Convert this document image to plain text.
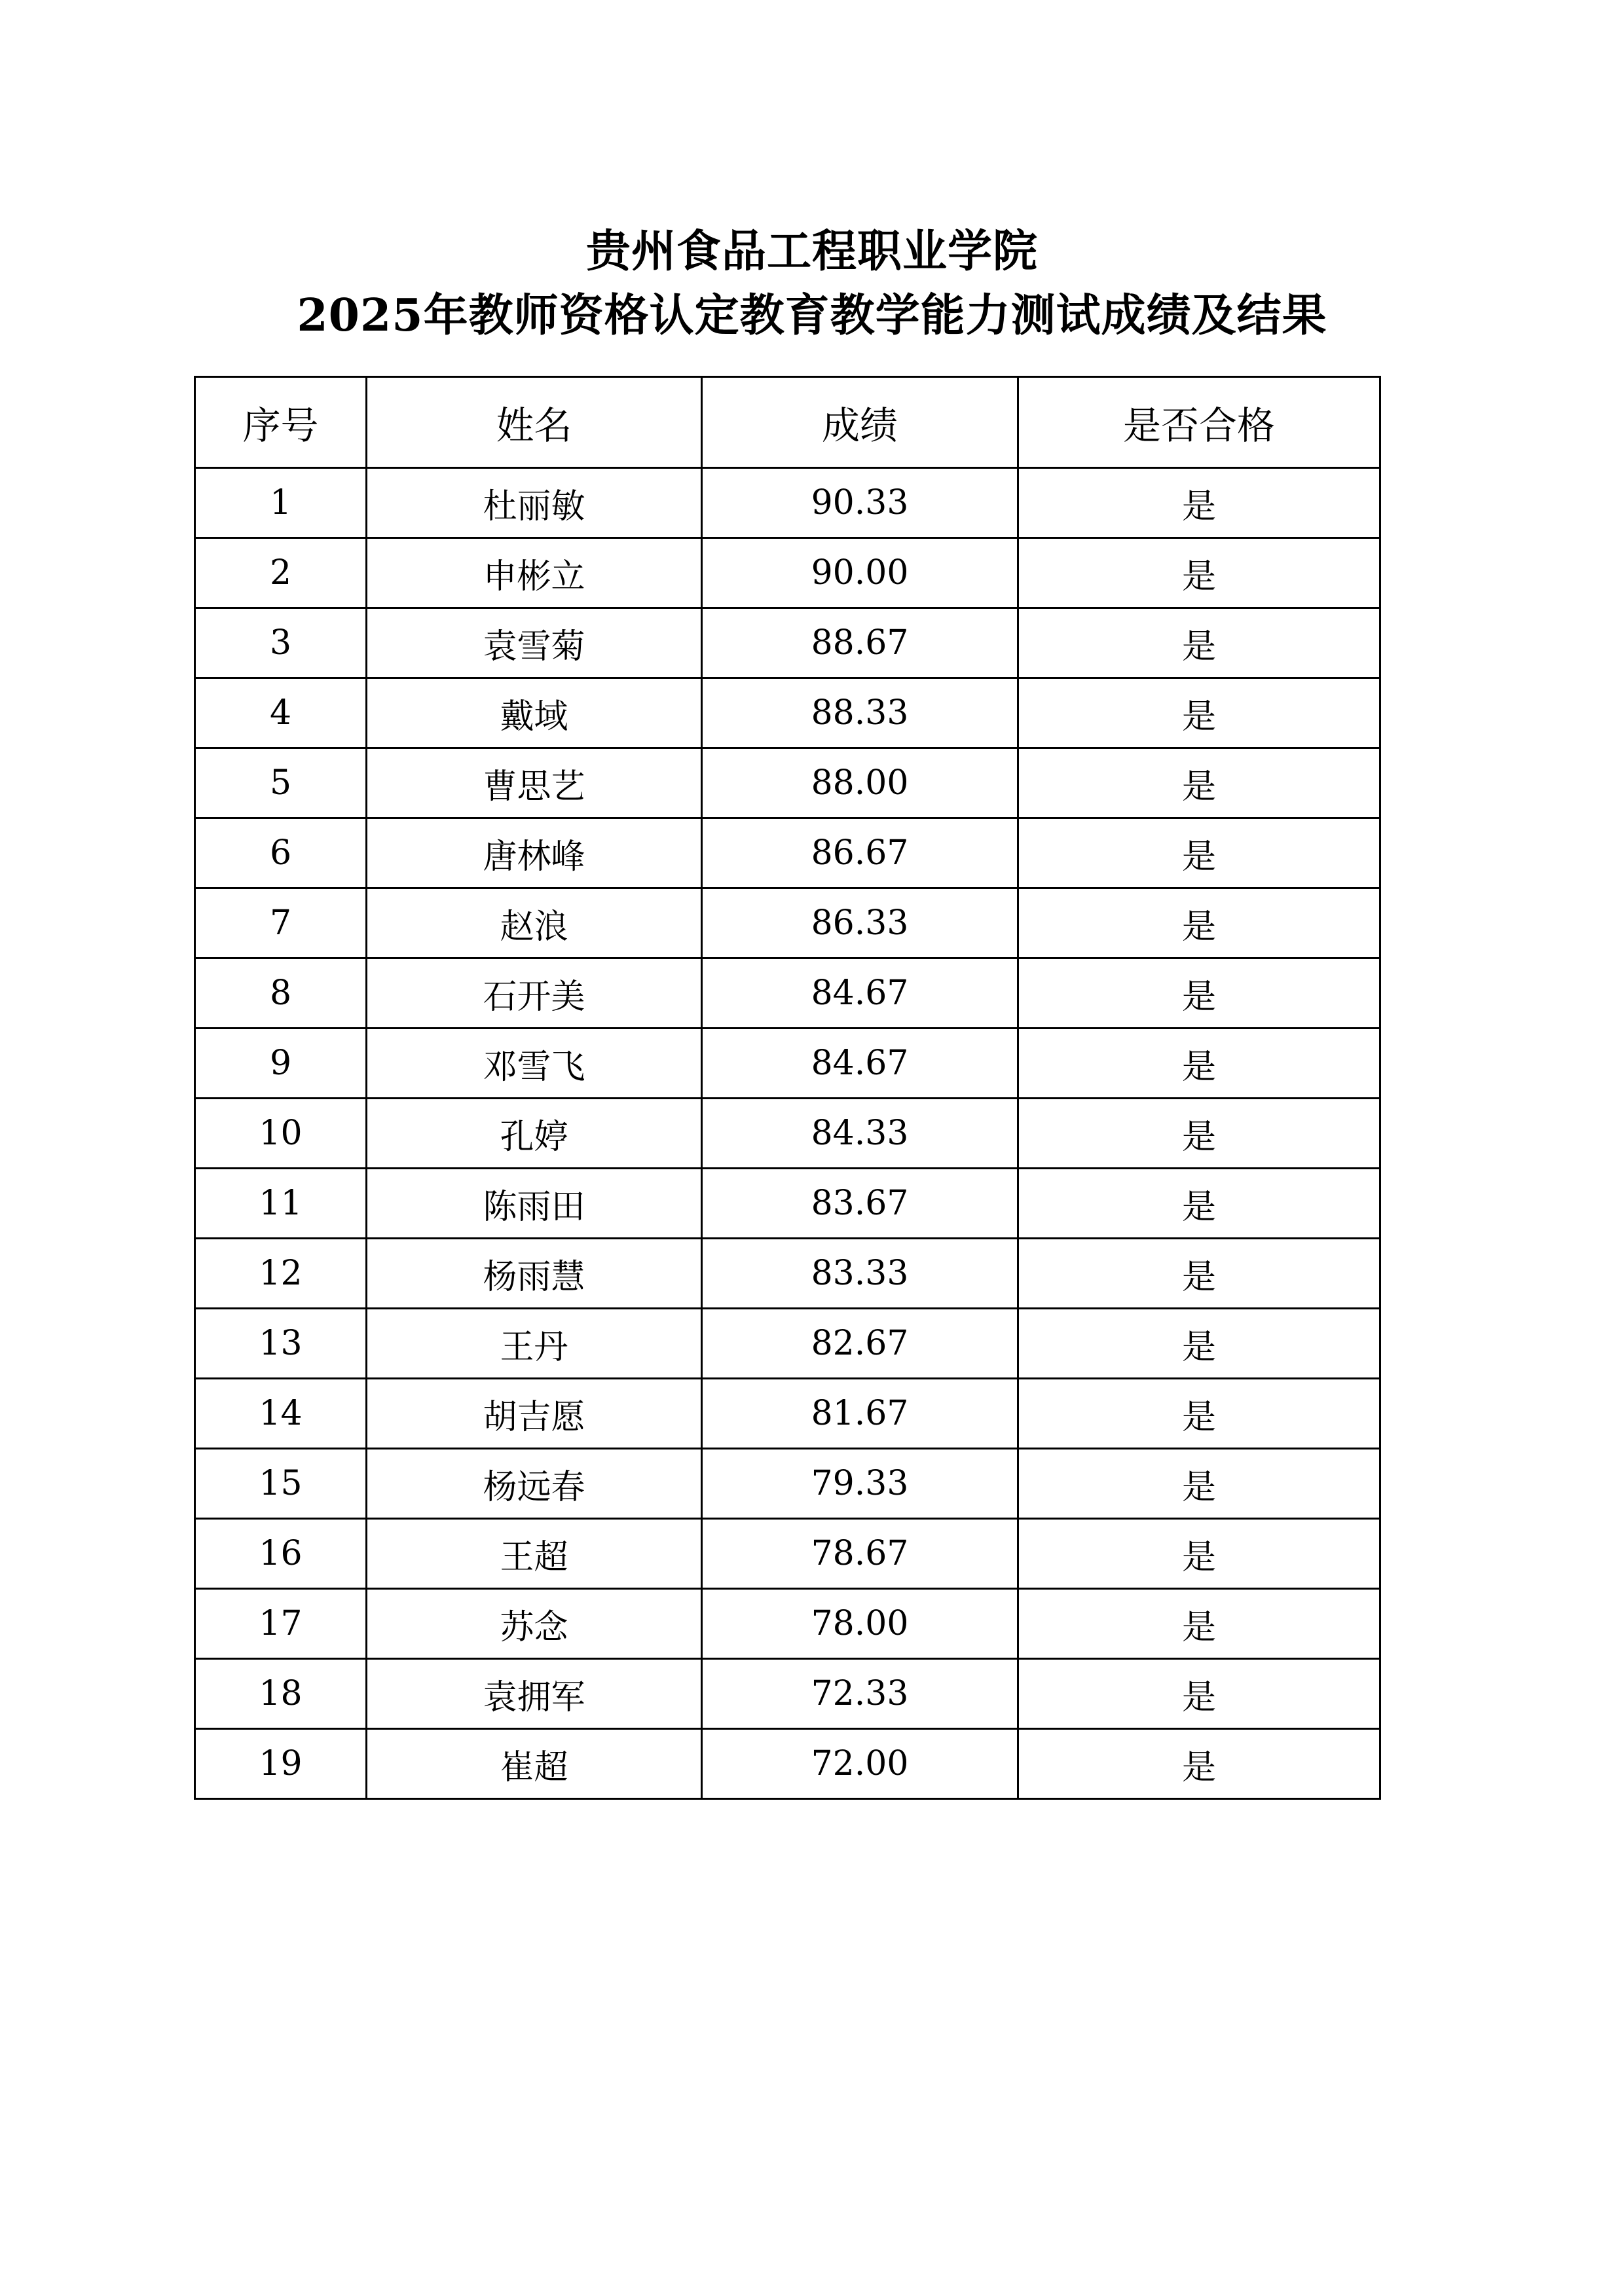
贵州食品工程职业学院
2025年教师资格认定教育教学能力测试成绩及结果
序号	姓名	成绩	是否合格
1	杜丽敏	90.33	是
2	申彬立	90.00	是
3	袁雪菊	88.67	是
4	戴域	88.33	是
5	曹思艺	88.00	是
6	唐林峰	86.67	是
7	赵浪	86.33	是
8	石开美	84.67	是
9	邓雪飞	84.67	是
10	孔婷	84.33	是
11	陈雨田	83.67	是
12	杨雨慧	83.33	是
13	王丹	82.67	是
14	胡吉愿	81.67	是
15	杨远春	79.33	是
16	王超	78.67	是
17	苏念	78.00	是
18	袁拥军	72.33	是
19	崔超	72.00	是
